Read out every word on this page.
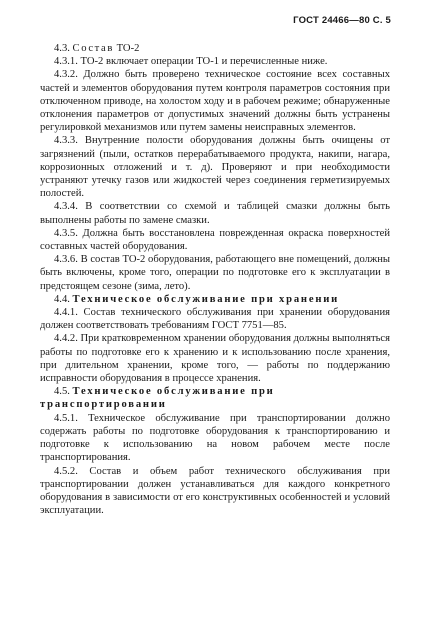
ГОСТ 24466—80 С. 5

4.3. Состав ТО-2

4.3.1. ТО-2 включает операции ТО-1 и перечисленные ниже.

4.3.2. Должно быть проверено техническое состояние всех составных частей и элементов оборудования путем контроля параметров состояния при отключенном приводе, на холостом ходу и в рабочем режиме; обнаруженные отклонения параметров от допустимых значений должны быть устранены регулировкой механизмов или путем замены неисправных элементов.

4.3.3. Внутренние полости оборудования должны быть очищены от загрязнений (пыли, остатков перерабатываемого продукта, накипи, нагара, коррозионных отложений и т. д). Проверяют и при необходимости устраняют утечку газов или жидкостей через соединения герметизируемых полостей.

4.3.4. В соответствии со схемой и таблицей смазки должны быть выполнены работы по замене смазки.

4.3.5. Должна быть восстановлена поврежденная окраска поверхностей составных частей оборудования.

4.3.6. В состав ТО-2 оборудования, работающего вне помещений, должны быть включены, кроме того, операции по подготовке его к эксплуатации в предстоящем сезоне (зима, лето).

4.4. Техническое обслуживание при хранении

4.4.1. Состав технического обслуживания при хранении оборудования должен соответствовать требованиям ГОСТ 7751—85.

4.4.2. При кратковременном хранении оборудования должны выполняться работы по подготовке его к хранению и к использованию после хранения, при длительном хранении, кроме того, — работы по поддержанию исправности оборудования в процессе хранения.

4.5. Техническое обслуживание при транспортировании

4.5.1. Техническое обслуживание при транспортировании должно содержать работы по подготовке оборудования к транспортированию и подготовке к использованию на новом рабочем месте после транспортирования.

4.5.2. Состав и объем работ технического обслуживания при транспортировании должен устанавливаться для каждого конкретного оборудования в зависимости от его конструктивных особенностей и условий эксплуатации.
